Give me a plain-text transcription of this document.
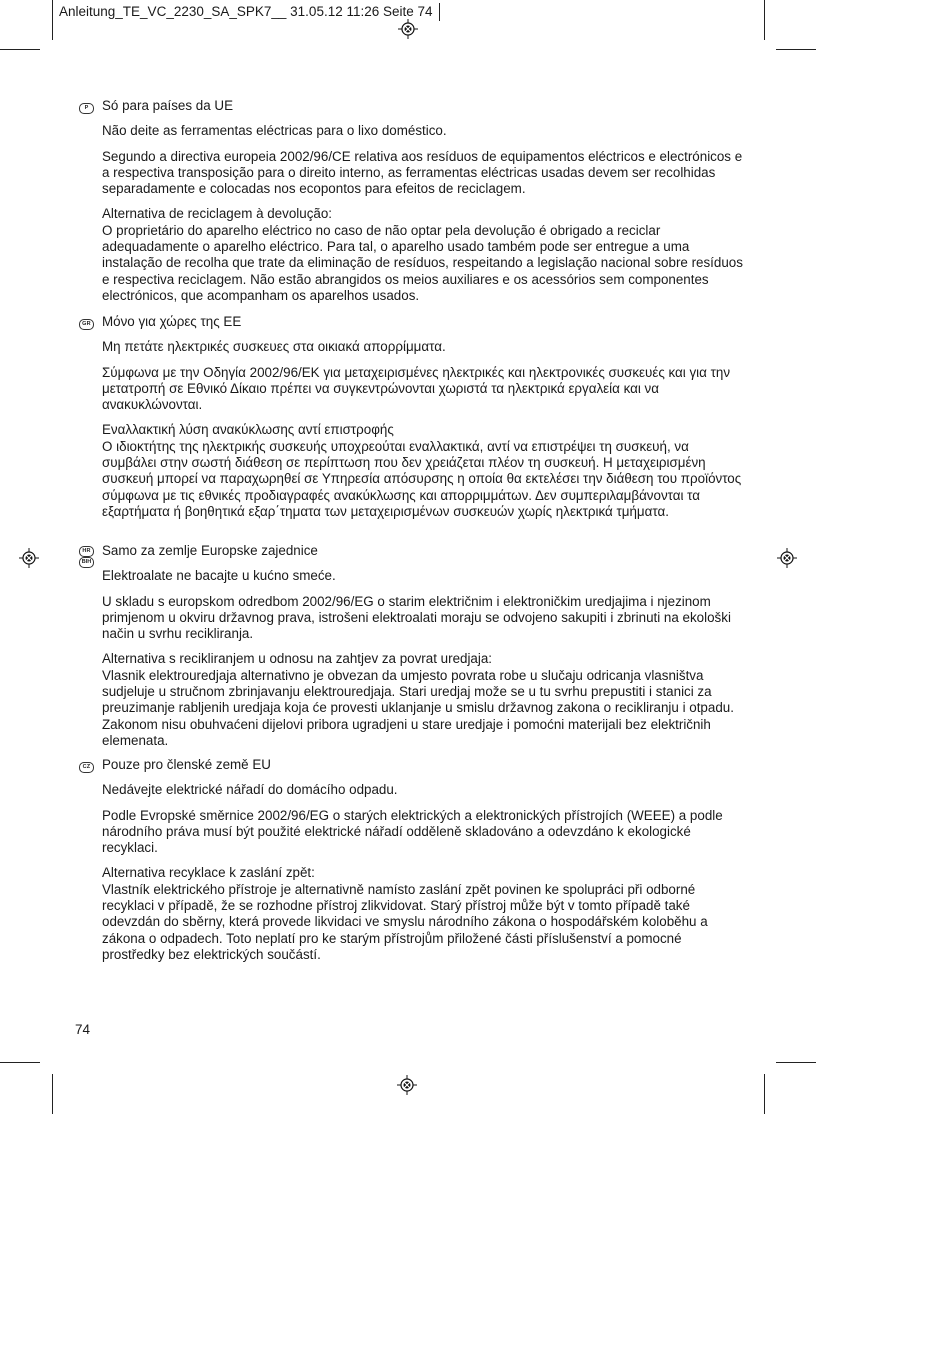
Anleitung_TE_VC_2230_SA_SPK7__ 31.05.12 11:26 Seite 74
P	Só para países da UE

Não deite as ferramentas eléctricas para o lixo doméstico.

Segundo a directiva europeia 2002/96/CE relativa aos resíduos de equipamentos eléctricos e electrónicos e a respectiva transposição para o direito interno, as ferramentas eléctricas usadas devem ser recolhidas separadamente e colocadas nos ecopontos para efeitos de reciclagem.

Alternativa de reciclagem à devolução:
O proprietário do aparelho eléctrico no caso de não optar pela devolução é obrigado a reciclar adequadamente o aparelho eléctrico. Para tal, o aparelho usado também pode ser entregue a uma instalação de recolha que trate da eliminação de resíduos, respeitando a legislação nacional sobre resíduos e respectiva reciclagem. Não estão abrangidos os meios auxiliares e os acessórios sem componentes electrónicos, que acompanham os aparelhos usados.

GR Μόνο για χώρες της ΕΕ

Μη πετάτε ηλεκτρικές συσκευες στα οικιακά απορρίμματα.

Σύμφωνα με την Οδηγία 2002/96/ΕΚ για μεταχειρισμένες ηλεκτρικές και ηλεκτρονικές συσκευές και για την μετατροπή σε Εθνικό Δίκαιο πρέπει να συγκεντρώνονται χωριστά τα ηλεκτρικά εργαλεία και να ανακυκλώνονται.

Εναλλακτική λύση ανακύκλωσης αντί επιστροφής
Ο ιδιοκτήτης της ηλεκτρικής συσκευής υποχρεούται εναλλακτικά, αντί να επιστρέψει τη συσκευή, να συμβάλει στην σωστή διάθεση σε περίπτωση που δεν χρειάζεται πλέον τη συσκευή. Η μεταχειρισμένη συσκευή μπορεί να παραχωρηθεί σε Υπηρεσία απόσυρσης η οποία θα εκτελέσει την διάθεση του προϊόντος σύμφωνα με τις εθνικές προδιαγραφές ανακύκλωσης και απορριμμάτων. Δεν συμπεριλαμβάνονται τα εξαρτήματα ή βοηθητικά εξαρ΄τηματα των μεταχειρισμένων συσκευών χωρίς ηλεκτρικά τμήματα.

HR
BIH

Samo za zemlje Europske zajednice

Elektroalate ne bacajte u kućno smeće.

U skladu s europskom odredbom 2002/96/EG o starim električnim i elektroničkim uredjajima i njezinom primjenom u okviru državnog prava, istrošeni elektroalati moraju se odvojeno sakupiti i zbrinuti na ekološki način u svrhu recikliranja.

Alternativa s recikliranjem u odnosu na zahtjev za povrat uredjaja:
Vlasnik elektrouredjaja alternativno je obvezan da umjesto povrata robe u slučaju odricanja vlasništva sudjeluje u stručnom zbrinjavanju elektrouredjaja. Stari uredjaj može se u tu svrhu prepustiti i stanici za preuzimanje rabljenih uredjaja koja će provesti uklanjanje u smislu državnog zakona o recikliranju i otpadu. Zakonom nisu obuhvaćeni dijelovi pribora ugradjeni u stare uredjaje i pomoćni materijali bez električnih elemenata.

CZ Pouze pro členské země EU

Nedávejte elektrické nářadí do domácího odpadu.

Podle Evropské směrnice 2002/96/EG o starých elektrických a elektronických přístrojích (WEEE) a podle národního práva musí být použité elektrické nářadí odděleně skladováno a odevzdáno k ekologické recyklaci.

Alternativa recyklace k zaslání zpět:
Vlastník elektrického přístroje je alternativně namísto zaslání zpět povinen ke spolupráci při odborné recyklaci v případě, že se rozhodne přístroj zlikvidovat. Starý přístroj může být v tomto případě také odevzdán do sběrny, která provede likvidaci ve smyslu národního zákona o hospodářském koloběhu a zákona o odpadech. Toto neplatí pro ke starým přístrojům přiložené části příslušenství a pomocné prostředky bez elektrických součástí.

74
